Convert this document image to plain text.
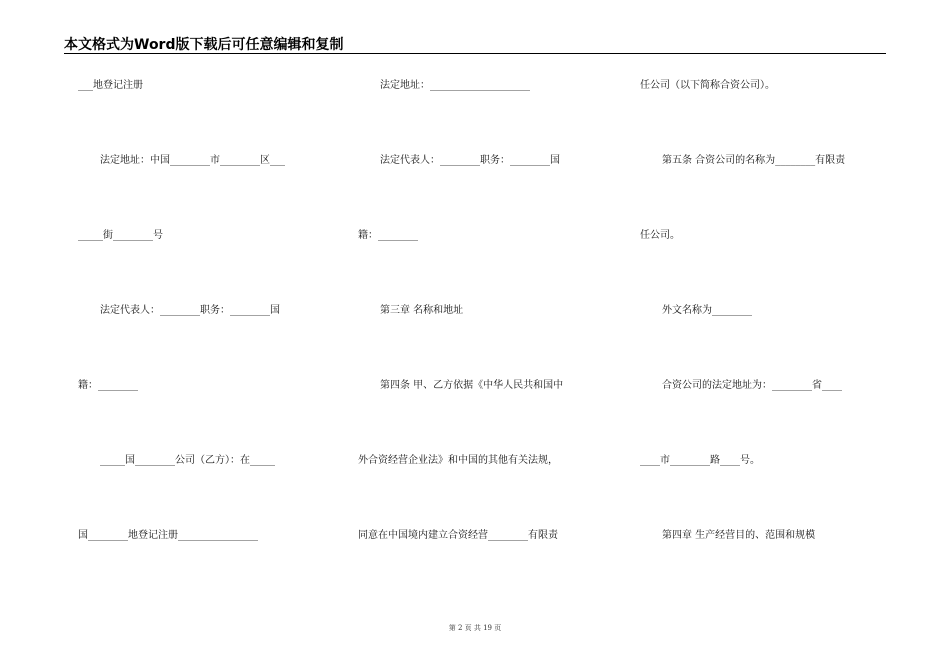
本文格式为Word版下载后可任意编辑和复制
___地登记注册
法定地址：中国________市________区___
_____街________号
法定代表人：________职务：________国
籍：________
_____国________公司（乙方）：在_____
国________地登记注册________________
法定地址：____________________
法定代表人：________职务：________国
籍：________
第三章 名称和地址
第四条 甲、乙方依据《中华人民共和国中
外合资经营企业法》和中国的其他有关法规，
同意在中国境内建立合资经营________有限责
任公司（以下简称合资公司）。
第五条 合资公司的名称为________有限责
任公司。
外文名称为________
合资公司的法定地址为：________省____
____市________路____号。
第四章 生产经营目的、范围和规模
第 2 页 共 19 页
